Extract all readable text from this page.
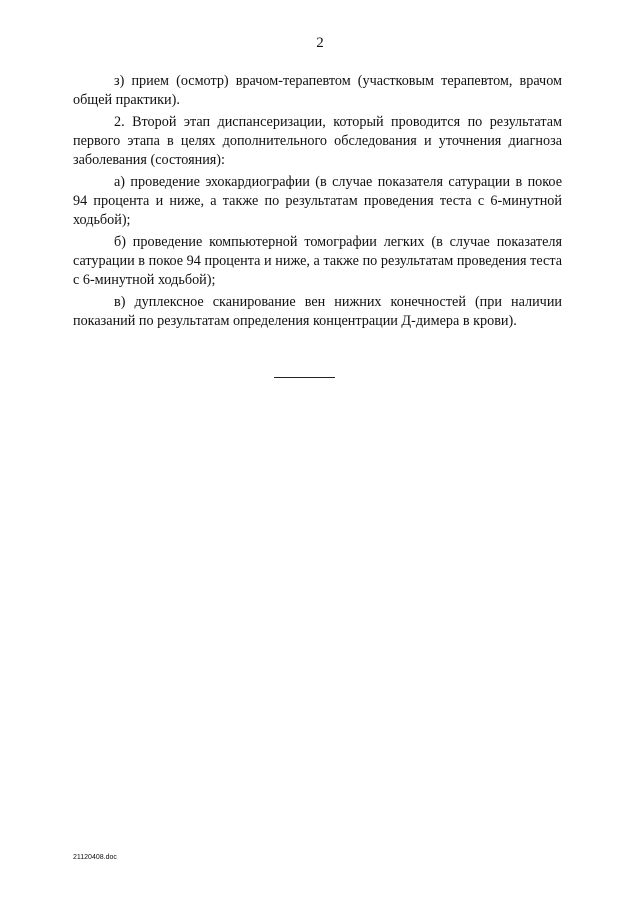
2

з) прием (осмотр) врачом-терапевтом (участковым терапевтом, врачом общей практики).

2. Второй этап диспансеризации, который проводится по результатам первого этапа в целях дополнительного обследования и уточнения диагноза заболевания (состояния):

а) проведение эхокардиографии (в случае показателя сатурации в покое 94 процента и ниже, а также по результатам проведения теста с 6-минутной ходьбой);

б) проведение компьютерной томографии легких (в случае показателя сатурации в покое 94 процента и ниже, а также по результатам проведения теста с 6-минутной ходьбой);

в) дуплексное сканирование вен нижних конечностей (при наличии показаний по результатам определения концентрации Д-димера в крови).

21120408.doc
